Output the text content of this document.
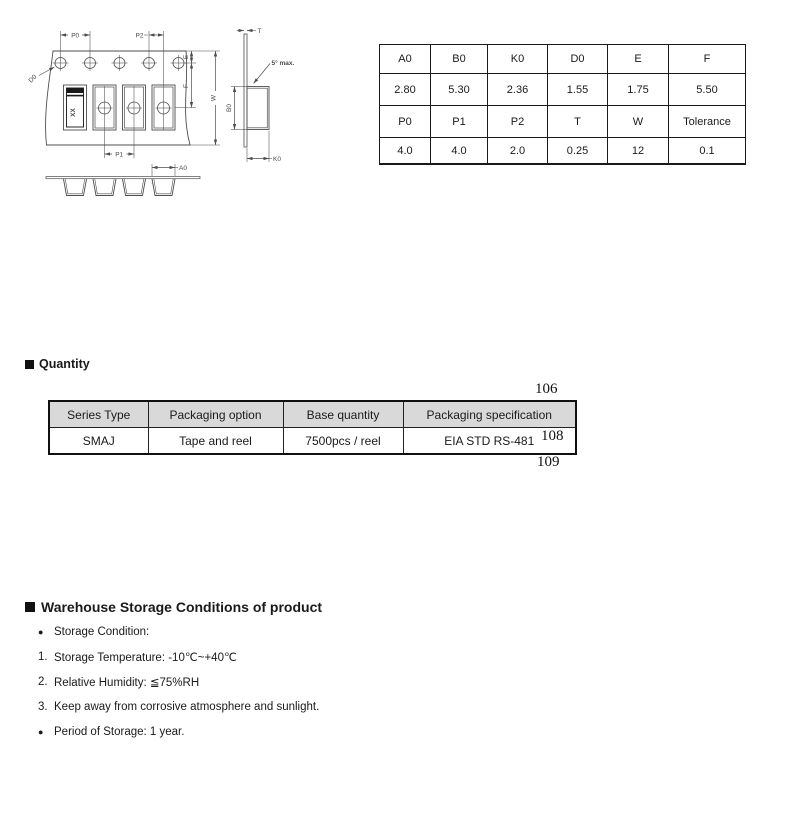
XX
P0	P2
D0
P1
E
F
W
T
5° max.
B0
K0
A0
A0	B0	K0	D0	E	F
2.80	5.30	2.36	1.55	1.75	5.50
P0	P1	P2	T	W	Tolerance
4.0	4.0	2.0	0.25	12	0.1
Quantity
106
Series Type	Packaging option	Base quantity	Packaging specification
SMAJ	Tape and reel	7500pcs / reel	EIA STD RS-481 108
109
Warehouse Storage Conditions of product
● Storage Condition:
1. Storage Temperature: -10℃~+40℃
2. Relative Humidity: ≦75%RH
3. Keep away from corrosive atmosphere and sunlight.
● Period of Storage: 1 year.
